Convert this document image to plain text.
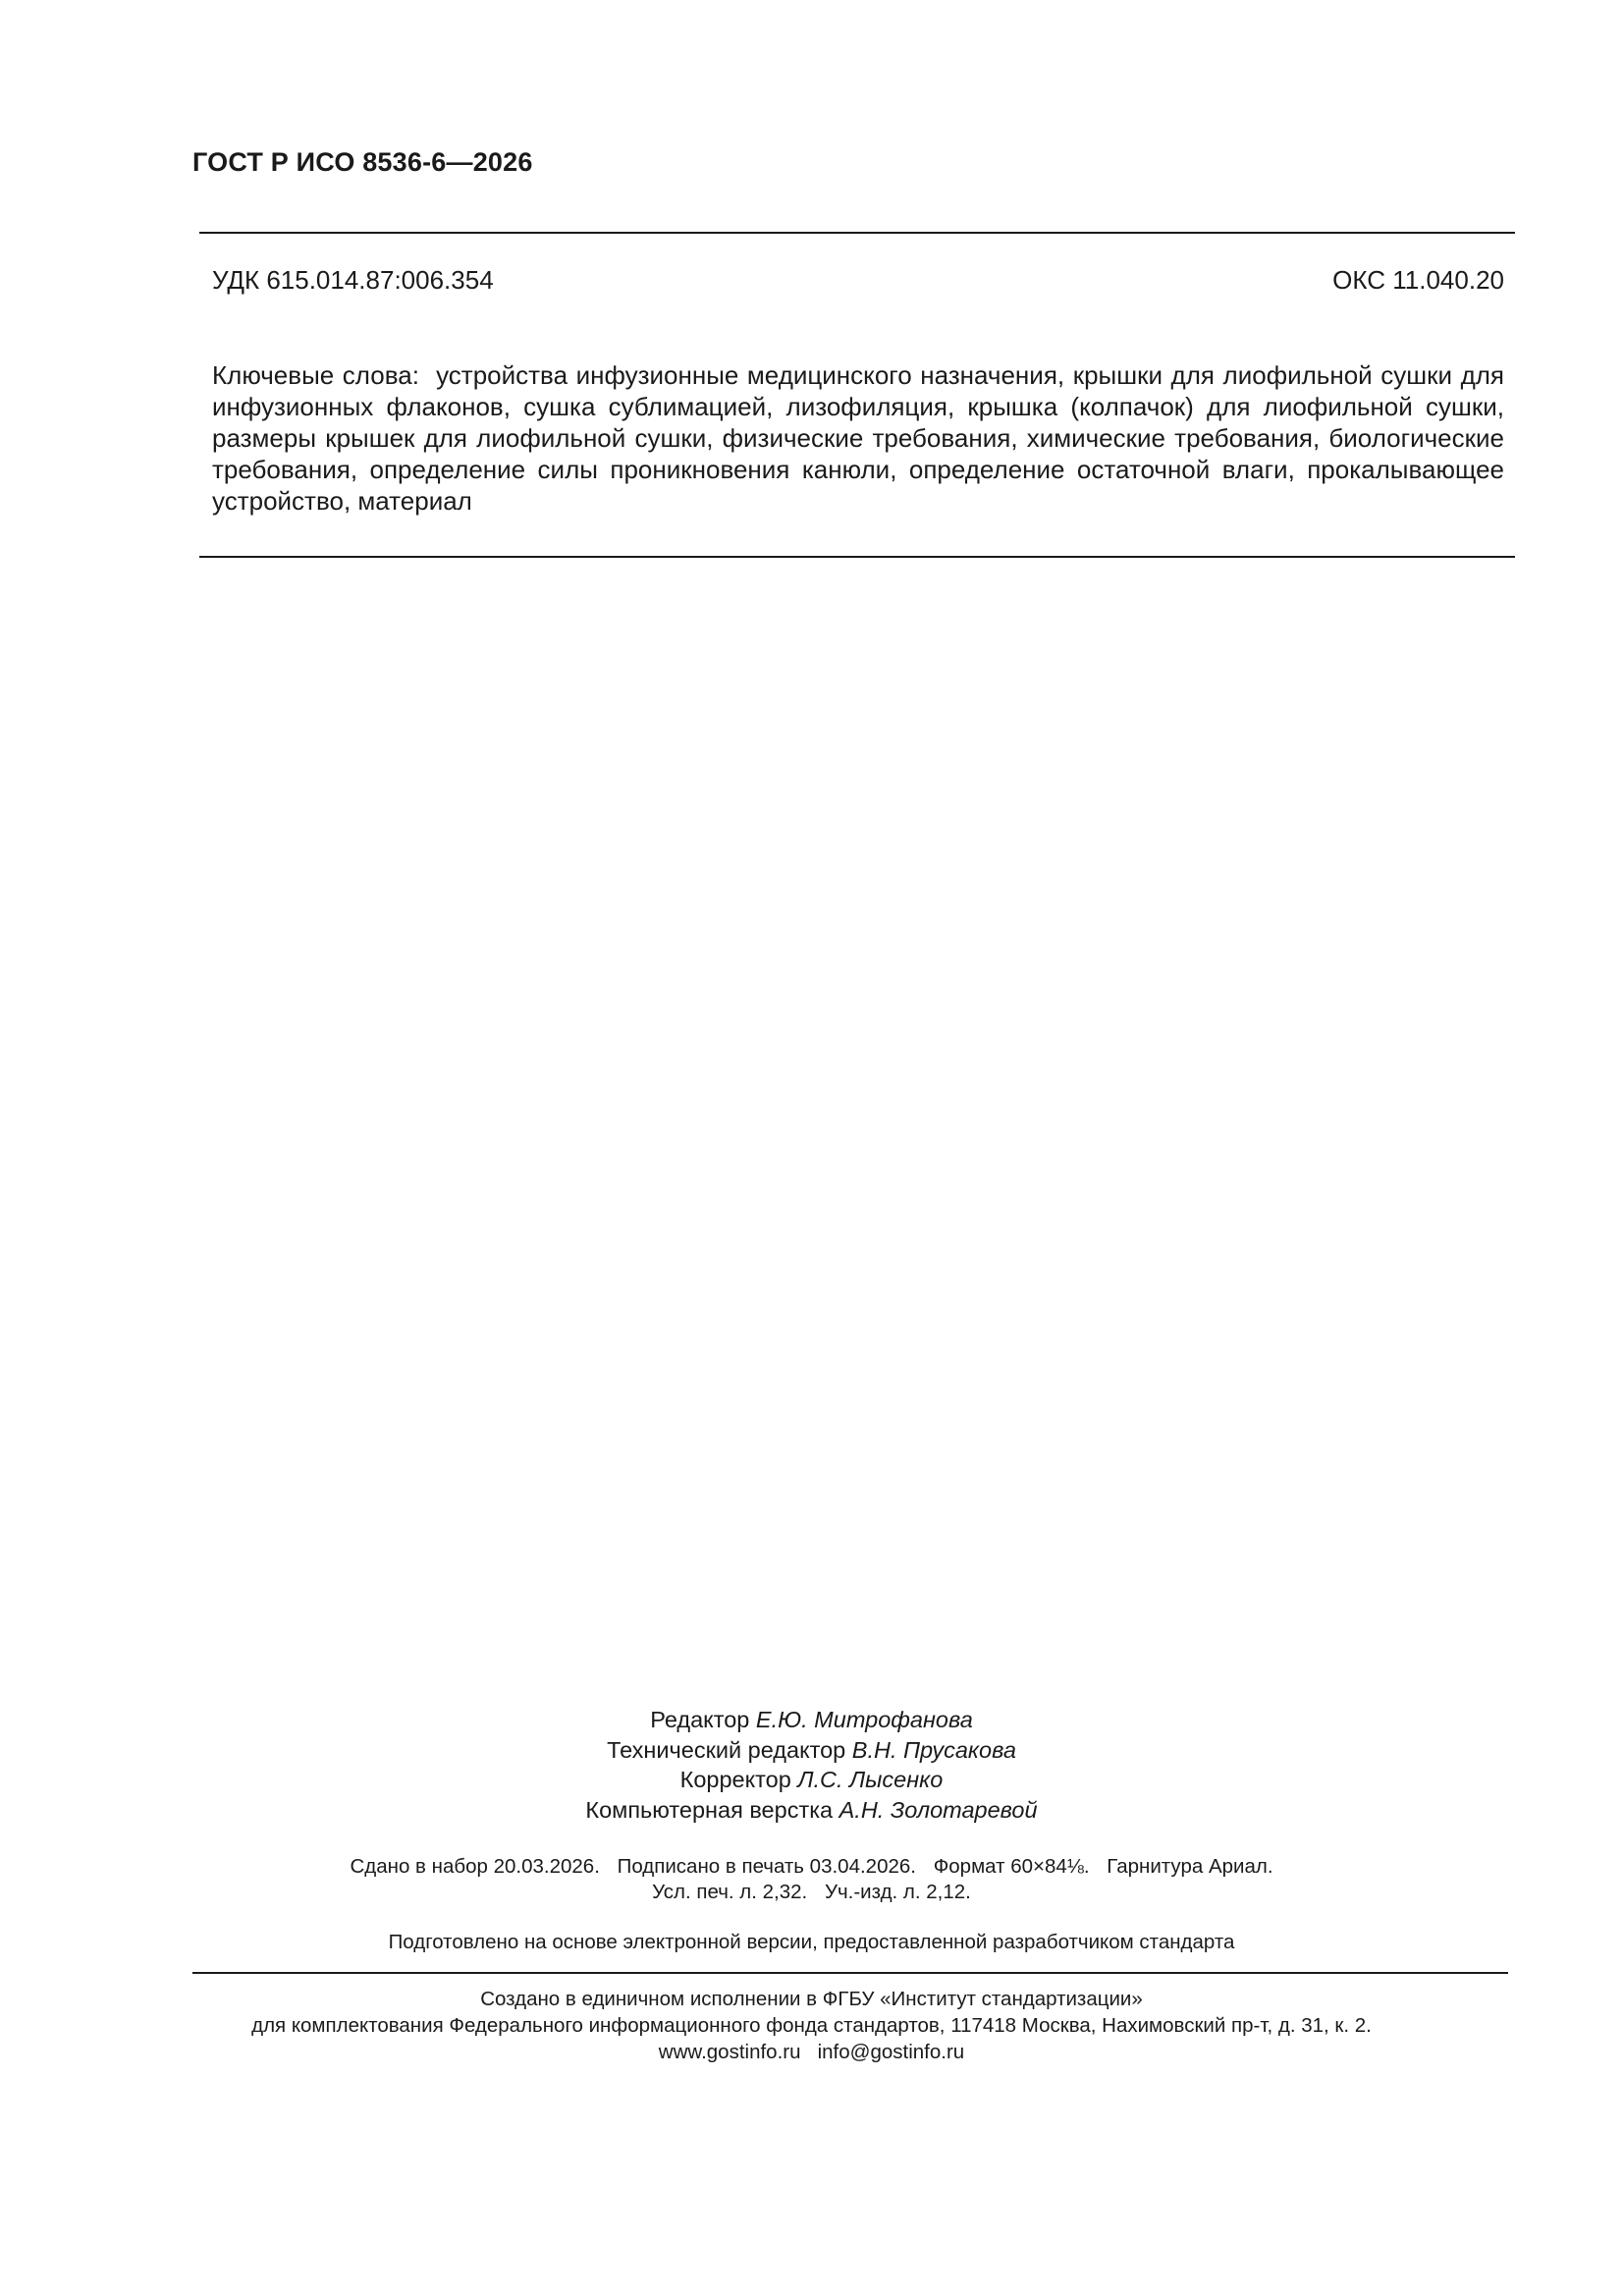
ГОСТ Р ИСО 8536-6—2026
УДК 615.014.87:006.354	ОКС 11.040.20
Ключевые слова: устройства инфузионные медицинского назначения, крышки для лиофильной сушки для инфузионных флаконов, сушка сублимацией, лизофиляция, крышка (колпачок) для лиофильной сушки, размеры крышек для лиофильной сушки, физические требования, химические требования, биологические требования, определение силы проникновения канюли, определение остаточной влаги, прокалывающее устройство, материал
Редактор Е.Ю. Митрофанова
Технический редактор В.Н. Прусакова
Корректор Л.С. Лысенко
Компьютерная верстка А.Н. Золотаревой
Сдано в набор 20.03.2026. Подписано в печать 03.04.2026. Формат 60×84⅛. Гарнитура Ариал.
Усл. печ. л. 2,32. Уч.-изд. л. 2,12.
Подготовлено на основе электронной версии, предоставленной разработчиком стандарта
Создано в единичном исполнении в ФГБУ «Институт стандартизации»
для комплектования Федерального информационного фонда стандартов, 117418 Москва, Нахимовский пр-т, д. 31, к. 2.
www.gostinfo.ru info@gostinfo.ru
